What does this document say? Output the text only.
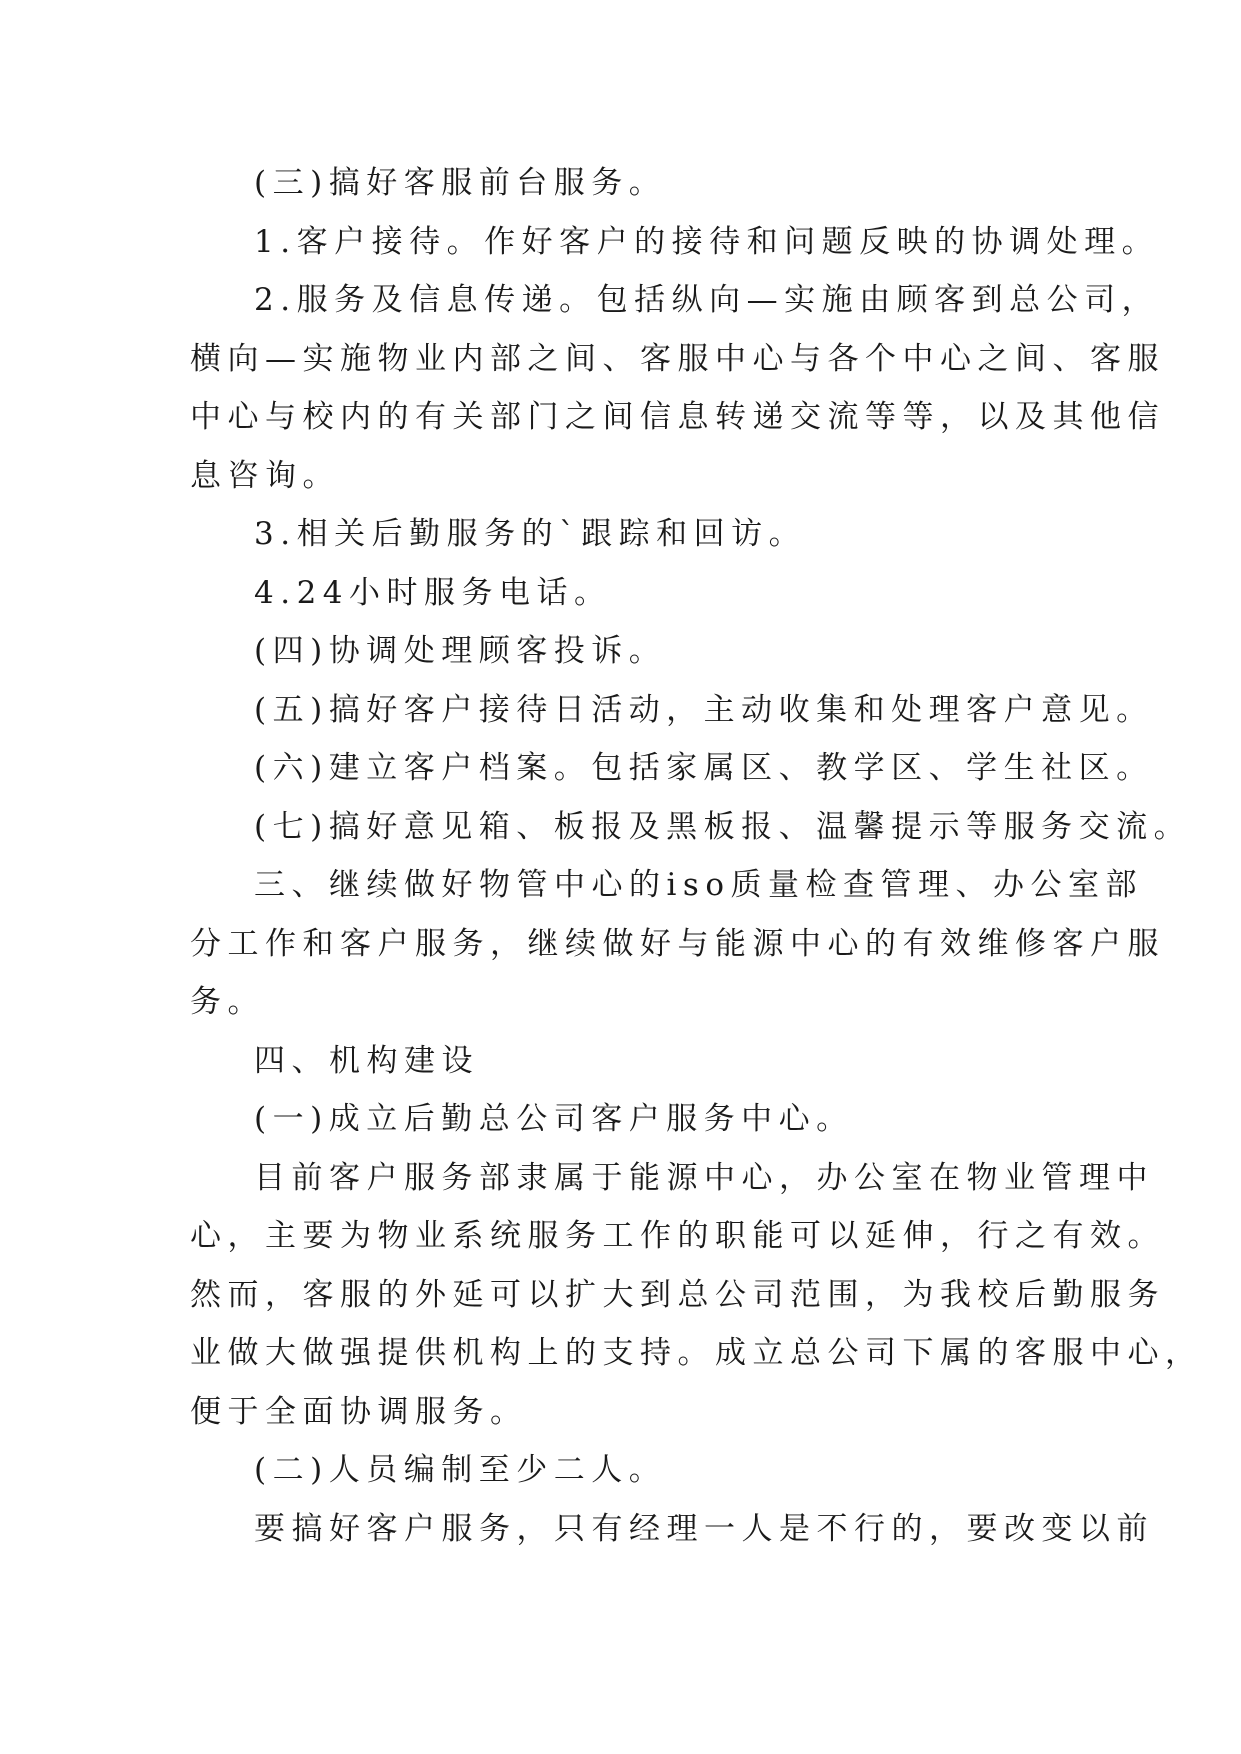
(三)搞好客服前台服务。

1.客户接待。作好客户的接待和问题反映的协调处理。

2.服务及信息传递。包括纵向—实施由顾客到总公司，

横向—实施物业内部之间、客服中心与各个中心之间、客服

中心与校内的有关部门之间信息转递交流等等，以及其他信

息咨询。

3.相关后勤服务的`跟踪和回访。

4.24小时服务电话。

(四)协调处理顾客投诉。

(五)搞好客户接待日活动，主动收集和处理客户意见。

(六)建立客户档案。包括家属区、教学区、学生社区。

(七)搞好意见箱、板报及黑板报、温馨提示等服务交流。

三、继续做好物管中心的iso质量检查管理、办公室部

分工作和客户服务，继续做好与能源中心的有效维修客户服

务。

四、机构建设

(一)成立后勤总公司客户服务中心。

目前客户服务部隶属于能源中心，办公室在物业管理中

心，主要为物业系统服务工作的职能可以延伸，行之有效。

然而，客服的外延可以扩大到总公司范围，为我校后勤服务

业做大做强提供机构上的支持。成立总公司下属的客服中心，

便于全面协调服务。

(二)人员编制至少二人。

要搞好客户服务，只有经理一人是不行的，要改变以前
